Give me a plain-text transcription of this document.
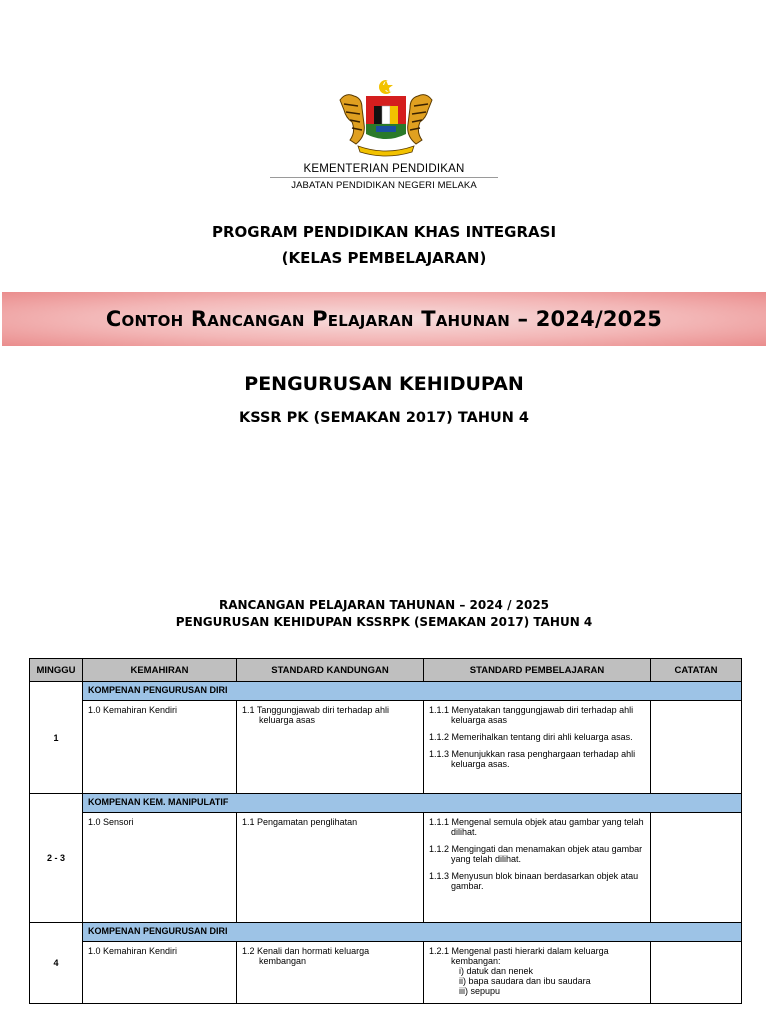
KEMENTERIAN PENDIDIKAN
JABATAN PENDIDIKAN NEGERI MELAKA
PROGRAM PENDIDIKAN KHAS INTEGRASI
(KELAS PEMBELAJARAN)
Contoh Rancangan Pelajaran Tahunan – 2024/2025
PENGURUSAN KEHIDUPAN
KSSR PK (SEMAKAN 2017) TAHUN 4
RANCANGAN PELAJARAN TAHUNAN – 2024 / 2025
PENGURUSAN KEHIDUPAN KSSRPK (SEMAKAN 2017) TAHUN 4
MINGGU	KEMAHIRAN	STANDARD KANDUNGAN	STANDARD PEMBELAJARAN	CATATAN
1	KOMPENAN PENGURUSAN DIRI			
	1.0 Kemahiran Kendiri	1.1 Tanggungjawab diri terhadap ahli keluarga asas	1.1.1 Menyatakan tanggungjawab diri terhadap ahli keluarga asas
1.1.2 Memerihalkan tentang diri ahli keluarga asas.
1.1.3 Menunjukkan rasa penghargaan terhadap ahli keluarga asas.	

2 - 3	KOMPENAN KEM. MANIPULATIF			
	1.0 Sensori	1.1 Pengamatan penglihatan	1.1.1 Mengenal semula objek atau gambar yang telah dilihat.
1.1.2 Mengingati dan menamakan objek atau gambar yang telah dilihat.
1.1.3 Menyusun blok binaan berdasarkan objek atau gambar.	

4	KOMPENAN PENGURUSAN DIRI			
	1.0 Kemahiran Kendiri	1.2 Kenali dan hormati keluarga kembangan	1.2.1 Mengenal pasti hierarki dalam keluarga kembangan:
i) datuk dan nenek
ii) bapa saudara dan ibu saudara
iii) sepupu	
